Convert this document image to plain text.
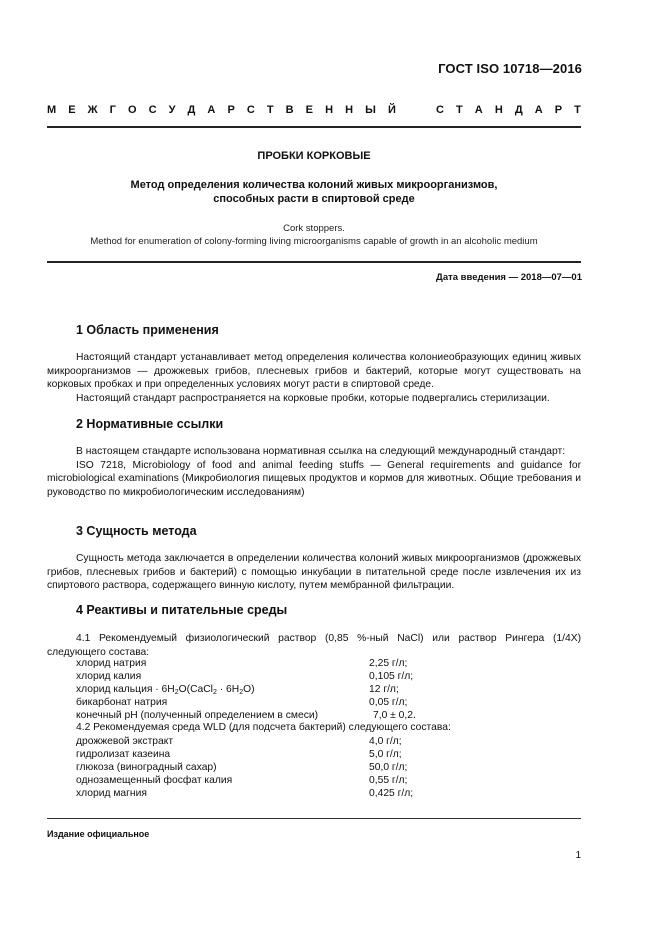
ГОСТ ISO 10718—2016
М Е Ж Г О С У Д А Р С Т В Е Н Н Ы Й	С Т А Н Д А Р Т
ПРОБКИ КОРКОВЫЕ
Метод определения количества колоний живых микроорганизмов,
способных расти в спиртовой среде
Cork stoppers.
Method for enumeration of colony-forming living microorganisms capable of growth in an alcoholic medium
Дата введения — 2018—07—01
1 Область применения

Настоящий стандарт устанавливает метод определения количества колониеобразующих единиц живых микроорганизмов — дрожжевых грибов, плесневых грибов и бактерий, которые могут существовать на корковых пробках и при определенных условиях могут расти в спиртовой среде.

Настоящий стандарт распространяется на корковые пробки, которые подвергались стерилизации.

2 Нормативные ссылки

В настоящем стандарте использована нормативная ссылка на следующий международный стандарт:

ISO 7218, Microbiology of food and animal feeding stuffs — General requirements and guidance for microbiological examinations (Микробиология пищевых продуктов и кормов для животных. Общие требования и руководство по микробиологическим исследованиям)

3 Сущность метода

Сущность метода заключается в определении количества колоний живых микроорганизмов (дрожжевых грибов, плесневых грибов и бактерий) с помощью инкубации в питательной среде после извлечения их из спиртового раствора, содержащего винную кислоту, путем мембранной фильтрации.

4 Реактивы и питательные среды

4.1 Рекомендуемый физиологический раствор (0,85 %-ный NaCl) или раствор Рингера (1/4X) следующего состава:

хлорид натрия	2,25 г/л;
хлорид калия	0,105 г/л;
хлорид кальция · $6H_2O(CaCl_2 \cdot 6H_2O)$	12 г/л;
бикарбонат натрия	0,05 г/л;
конечный pH (полученный определением в смеси)	7,0 ± 0,2.

4.2 Рекомендуемая среда WLD (для подсчета бактерий) следующего состава:

дрожжевой экстракт	4,0 г/л;
гидролизат казеина	5,0 г/л;
глюкоза (виноградный сахар)	50,0 г/л;
однозамещенный фосфат калия	0,55 г/л;
хлорид магния	0,425 г/л;
Издание официальное
1
